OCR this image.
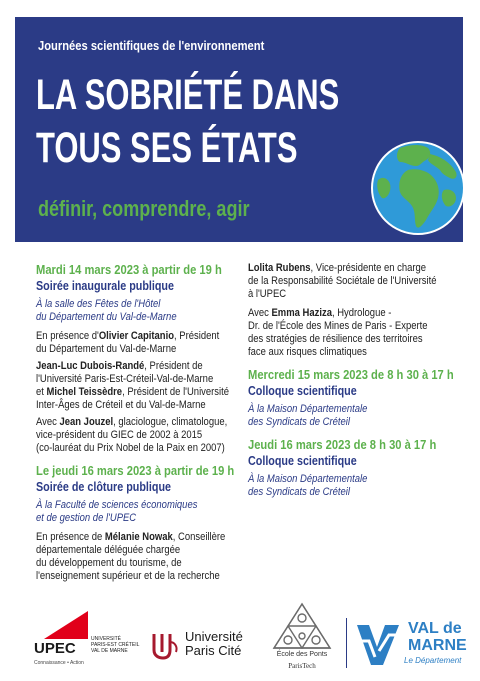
Journées scientifiques de l'environnement
LA SOBRIÉTÉ DANS
TOUS SES ÉTATS
définir, comprendre, agir
Mardi 14 mars 2023 à partir de 19 h
Soirée inaugurale publique
À la salle des Fêtes de l'Hôtel
du Département du Val-de-Marne
En présence d'Olivier Capitanio, Président
du Département du Val-de-Marne
Jean-Luc Dubois-Randé, Président de
l'Université Paris-Est-Créteil-Val-de-Marne
et Michel Teissèdre, Président de l'Université
Inter-Âges de Créteil et du Val-de-Marne
Avec Jean Jouzel, glaciologue, climatologue,
vice-président du GIEC de 2002 à 2015
(co-lauréat du Prix Nobel de la Paix en 2007)
Le jeudi 16 mars 2023 à partir de 19 h
Soirée de clôture publique
À la Faculté de sciences économiques
et de gestion de l'UPEC
En présence de Mélanie Nowak, Conseillère
départementale déléguée chargée
du développement du tourisme, de
l'enseignement supérieur et de la recherche
Lolita Rubens, Vice-présidente en charge
de la Responsabilité Sociétale de l'Université
à l'UPEC
Avec Emma Haziza, Hydrologue -
Dr. de l'École des Mines de Paris - Experte
des stratégies de résilience des territoires
face aux risques climatiques
Mercredi 15 mars 2023 de 8 h 30 à 17 h
Colloque scientifique
À la Maison Départementale
des Syndicats de Créteil
Jeudi 16 mars 2023 de 8 h 30 à 17 h
Colloque scientifique
À la Maison Départementale
des Syndicats de Créteil
UPEC
UNIVERSITÉ
PARIS-EST CRÉTEIL
VAL DE MARNE
Connaissance • Action
Université
Paris Cité	École des Ponts
ParisTech
VAL de
MARNE
Le Département
